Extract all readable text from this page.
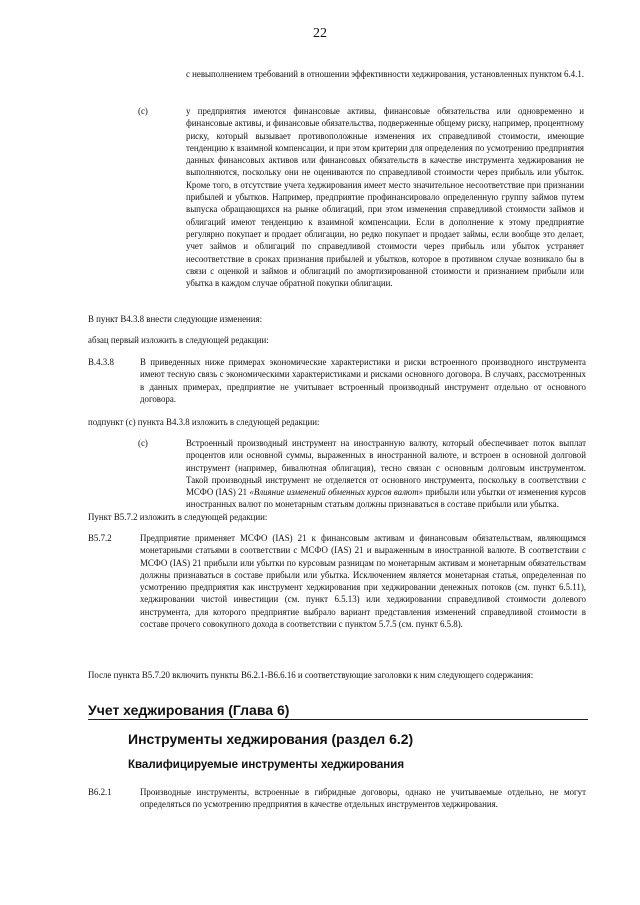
22
с невыполнением требований в отношении эффективности хеджирования, установленных пунктом 6.4.1.
(c)	у предприятия имеются финансовые активы, финансовые обязательства или одновременно и финансовые активы, и финансовые обязательства, подверженные общему риску, например, процентному риску, который вызывает противоположные изменения их справедливой стоимости, имеющие тенденцию к взаимной компенсации, и при этом критерии для определения по усмотрению предприятия данных финансовых активов или финансовых обязательств в качестве инструмента хеджирования не выполняются, поскольку они не оцениваются по справедливой стоимости через прибыль или убыток. Кроме того, в отсутствие учета хеджирования имеет место значительное несоответствие при признании прибылей и убытков. Например, предприятие профинансировало определенную группу займов путем выпуска обращающихся на рынке облигаций, при этом изменения справедливой стоимости займов и облигаций имеют тенденцию к взаимной компенсации. Если в дополнение к этому предприятие регулярно покупает и продает облигации, но редко покупает и продает займы, если вообще это делает, учет займов и облигаций по справедливой стоимости через прибыль или убыток устраняет несоответствие в сроках признания прибылей и убытков, которое в противном случае возникало бы в связи с оценкой и займов и облигаций по амортизированной стоимости и признанием прибыли или убытка в каждом случае обратной покупки облигации.
В пункт B4.3.8 внести следующие изменения:
абзац первый изложить в следующей редакции:
B.4.3.8	В приведенных ниже примерах экономические характеристики и риски встроенного производного инструмента имеют тесную связь с экономическими характеристиками и рисками основного договора. В случаях, рассмотренных в данных примерах, предприятие не учитывает встроенный производный инструмент отдельно от основного договора.
подпункт (c) пункта B4.3.8 изложить в следующей редакции:
(c)	Встроенный производный инструмент на иностранную валюту, который обеспечивает поток выплат процентов или основной суммы, выраженных в иностранной валюте, и встроен в основной долговой инструмент (например, бивалютная облигация), тесно связан с основным долговым инструментом. Такой производный инструмент не отделяется от основного инструмента, поскольку в соответствии с МСФО (IAS) 21 «Влияние изменений обменных курсов валют» прибыли или убытки от изменения курсов иностранных валют по монетарным статьям должны признаваться в составе прибыли или убытка.
Пункт B5.7.2 изложить в следующей редакции:
B5.7.2	Предприятие применяет МСФО (IAS) 21 к финансовым активам и финансовым обязательствам, являющимся монетарными статьями в соответствии с МСФО (IAS) 21 и выраженным в иностранной валюте. В соответствии с МСФО (IAS) 21 прибыли или убытки по курсовым разницам по монетарным активам и монетарным обязательствам должны признаваться в составе прибыли или убытка. Исключением является монетарная статья, определенная по усмотрению предприятия как инструмент хеджирования при хеджировании денежных потоков (см. пункт 6.5.11), хеджировании чистой инвестиции (см. пункт 6.5.13) или хеджировании справедливой стоимости долевого инструмента, для которого предприятие выбрало вариант представления изменений справедливой стоимости в составе прочего совокупного дохода в соответствии с пунктом 5.7.5 (см. пункт 6.5.8).
После пункта B5.7.20 включить пункты B6.2.1-B6.6.16 и соответствующие заголовки к ним следующего содержания:
Учет хеджирования (Глава 6)
Инструменты хеджирования (раздел 6.2)
Квалифицируемые инструменты хеджирования
B6.2.1	Производные инструменты, встроенные в гибридные договоры, однако не учитываемые отдельно, не могут определяться по усмотрению предприятия в качестве отдельных инструментов хеджирования.
